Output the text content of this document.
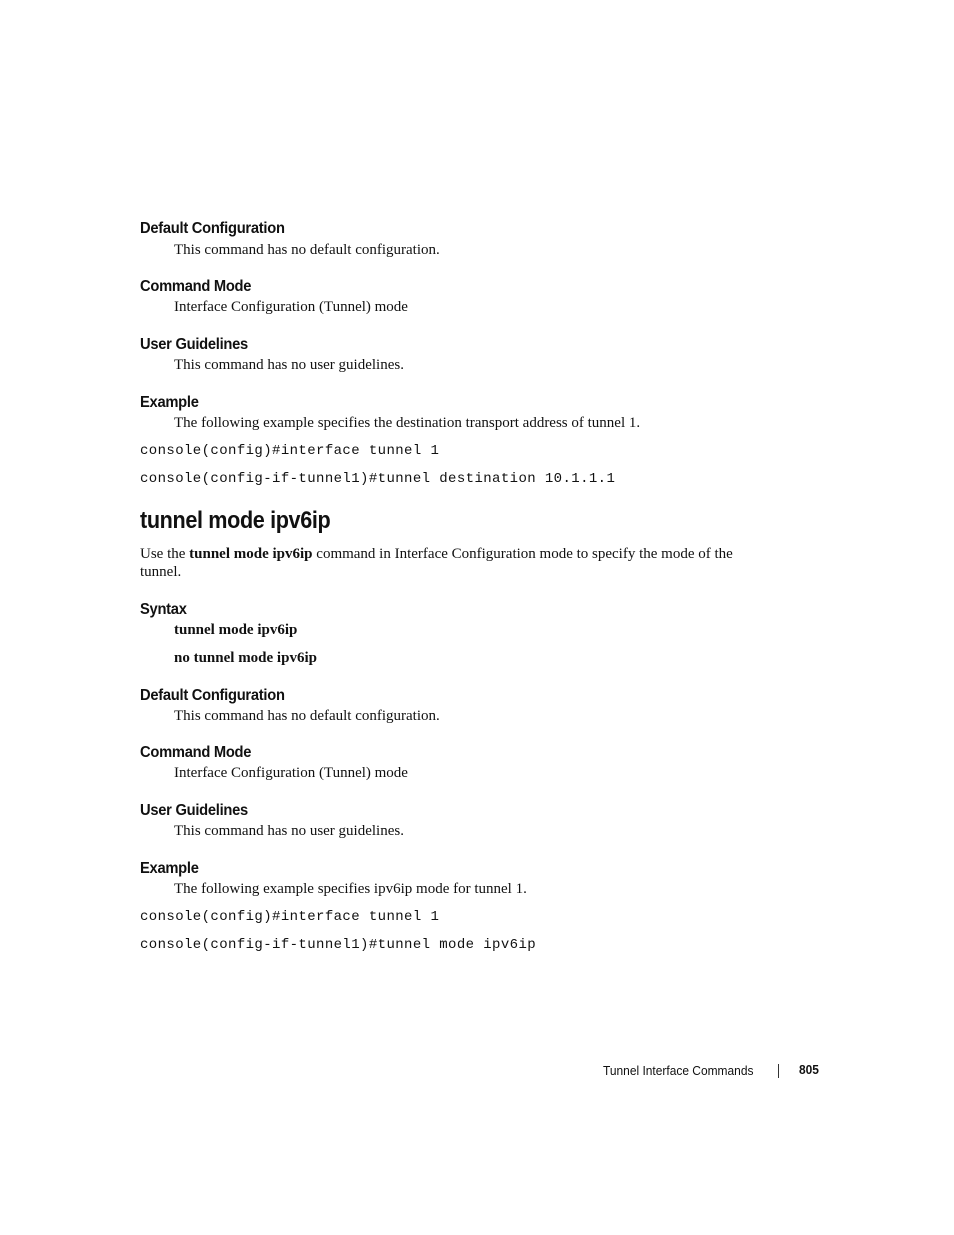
Default Configuration
This command has no default configuration.
Command Mode
Interface Configuration (Tunnel) mode
User Guidelines
This command has no user guidelines.
Example
The following example specifies the destination transport address of tunnel 1.
console(config)#interface tunnel 1
console(config-if-tunnel1)#tunnel destination 10.1.1.1
tunnel mode ipv6ip
Use the tunnel mode ipv6ip command in Interface Configuration mode to specify the mode of the tunnel.
Syntax
tunnel mode ipv6ip
no tunnel mode ipv6ip
Default Configuration
This command has no default configuration.
Command Mode
Interface Configuration (Tunnel) mode
User Guidelines
This command has no user guidelines.
Example
The following example specifies ipv6ip mode for tunnel 1.
console(config)#interface tunnel 1
console(config-if-tunnel1)#tunnel mode ipv6ip
Tunnel Interface Commands	805
